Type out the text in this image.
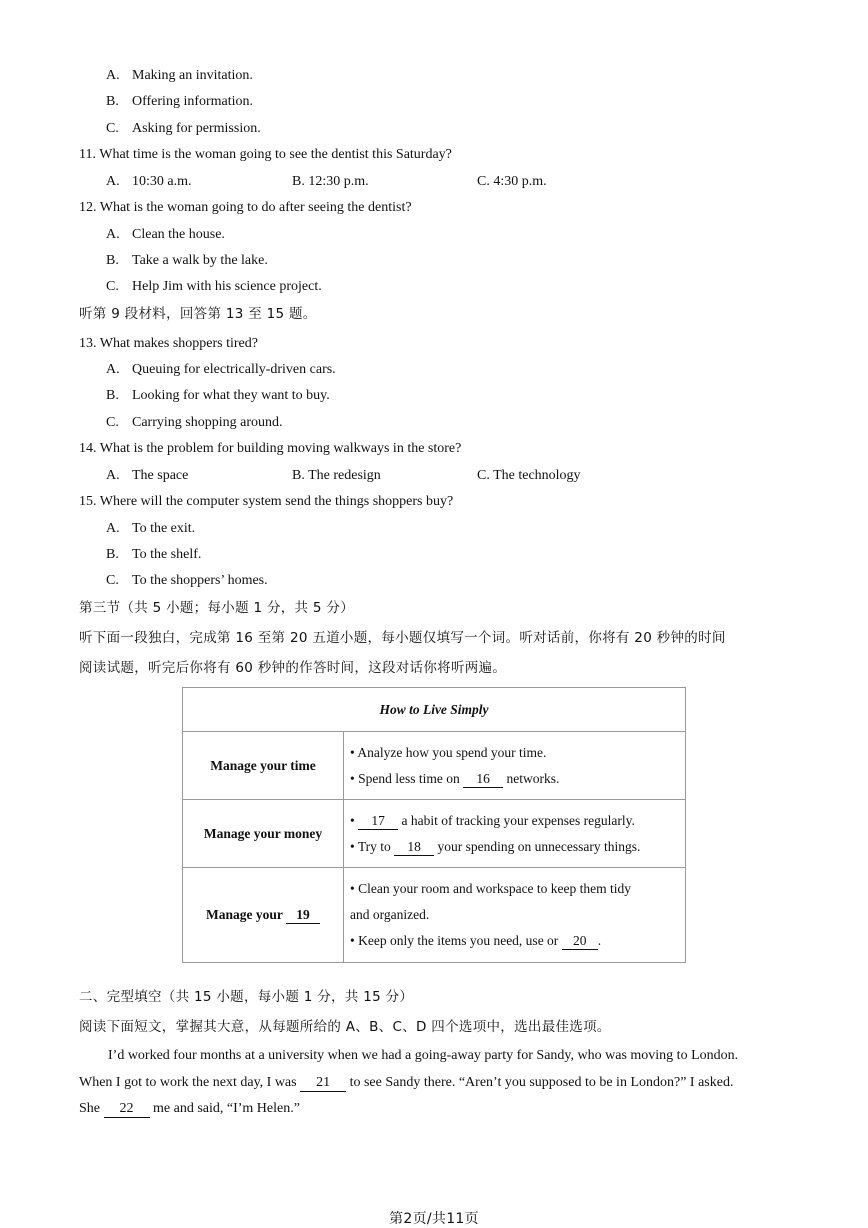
A. Making an invitation.
B. Offering information.
C. Asking for permission.
11. What time is the woman going to see the dentist this Saturday?
A. 10:30 a.m.	B. 12:30 p.m.	C. 4:30 p.m.
12. What is the woman going to do after seeing the dentist?
A. Clean the house.
B. Take a walk by the lake.
C. Help Jim with his science project.
听第 9 段材料，回答第 13 至 15 题。
13. What makes shoppers tired?
A. Queuing for electrically-driven cars.
B. Looking for what they want to buy.
C. Carrying shopping around.
14. What is the problem for building moving walkways in the store?
A. The space	B. The redesign	C. The technology
15. Where will the computer system send the things shoppers buy?
A. To the exit.
B. To the shelf.
C. To the shoppers’ homes.
第三节（共 5 小题；每小题 1 分，共 5 分）
听下面一段独白，完成第 16 至第 20 五道小题，每小题仅填写一个词。听对话前，你将有 20 秒钟的时间
阅读试题，听完后你将有 60 秒钟的作答时间，这段对话你将听两遍。
How to Live Simply	
Manage your time	• Analyze how you spend your time.
• Spend less time on 16 networks.

Manage your money	• 17 a habit of tracking your expenses regularly.
• Try to 18 your spending on unnecessary things.

Manage your 19	• Clean your room and workspace to keep them tidy
and organized.
• Keep only the items you need, use or 20 .
二、完型填空（共 15 小题，每小题 1 分，共 15 分）
阅读下面短文，掌握其大意，从每题所给的 A、B、C、D 四个选项中，选出最佳选项。
I’d worked four months at a university when we had a going-away party for Sandy, who was moving to London.
When I got to work the next day, I was 21 to see Sandy there. “Aren’t you supposed to be in London?” I asked.
She 22 me and said, “I’m Helen.”
第2页/共11页
